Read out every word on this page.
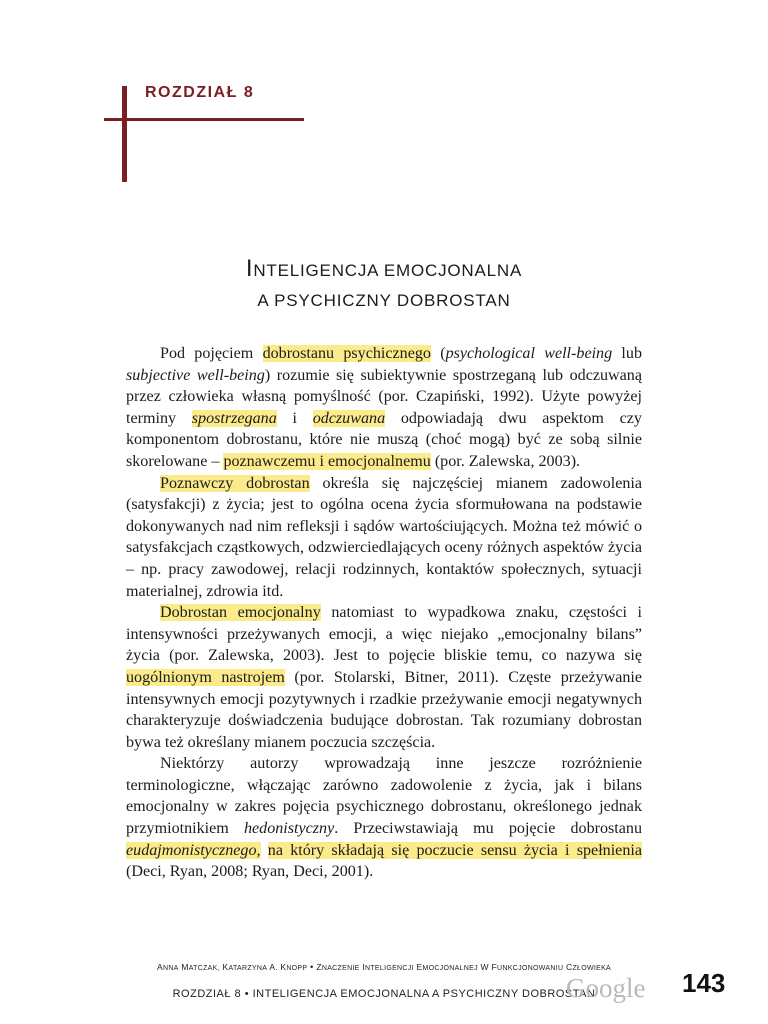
ROZDZIAŁ 8
INTELIGENCJA EMOCJONALNA
A PSYCHICZNY DOBROSTAN

Pod pojęciem dobrostanu psychicznego (psychological well-being lub subjective well-being) rozumie się subiektywnie spostrzeganą lub odczuwaną przez człowieka własną pomyślność (por. Czapiński, 1992). Użyte powyżej terminy spostrzegana i odczuwana odpowiadają dwu aspektom czy komponentom dobrostanu, które nie muszą (choć mogą) być ze sobą silnie skorelowane – poznawczemu i emocjonalnemu (por. Zalewska, 2003).

Poznawczy dobrostan określa się najczęściej mianem zadowolenia (satysfakcji) z życia; jest to ogólna ocena życia sformułowana na podstawie dokonywanych nad nim refleksji i sądów wartościujących. Można też mówić o satysfakcjach cząstkowych, odzwierciedlających oceny różnych aspektów życia – np. pracy zawodowej, relacji rodzinnych, kontaktów społecznych, sytuacji materialnej, zdrowia itd.

Dobrostan emocjonalny natomiast to wypadkowa znaku, częstości i intensywności przeżywanych emocji, a więc niejako „emocjonalny bilans” życia (por. Zalewska, 2003). Jest to pojęcie bliskie temu, co nazywa się uogólnionym nastrojem (por. Stolarski, Bitner, 2011). Częste przeżywanie intensywnych emocji pozytywnych i rzadkie przeżywanie emocji negatywnych charakteryzuje doświadczenia budujące dobrostan. Tak rozumiany dobrostan bywa też określany mianem poczucia szczęścia.

Niektórzy autorzy wprowadzają inne jeszcze rozróżnienie terminologiczne, włączając zarówno zadowolenie z życia, jak i bilans emocjonalny w zakres pojęcia psychicznego dobrostanu, określonego jednak przymiotnikiem hedonistyczny. Przeciwstawiają mu pojęcie dobrostanu eudajmonistycznego, na który składają się poczucie sensu życia i spełnienia (Deci, Ryan, 2008; Ryan, Deci, 2001).

ANNA MATCZAK, KATARZYNA A. KNOPP • ZNACZENIE INTELIGENCJI EMOCJONALNEJ W FUNKCJONOWANIU CZŁOWIEKA
ROZDZIAŁ 8 • INTELIGENCJA EMOCJONALNA A PSYCHICZNY DOBROSTAN
Google 143
